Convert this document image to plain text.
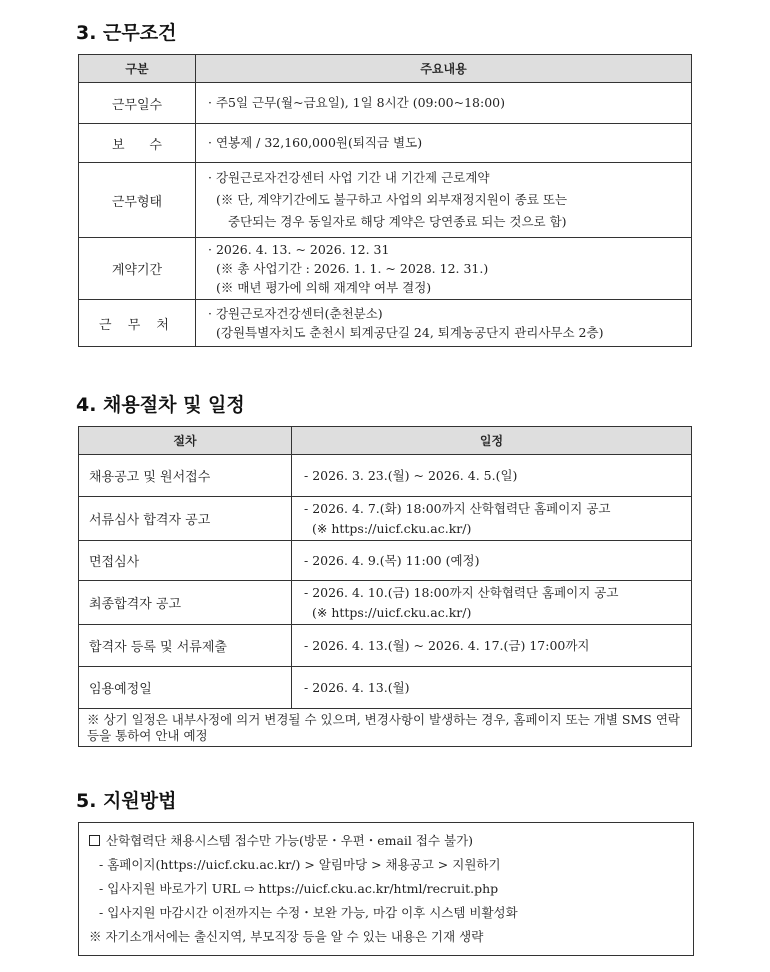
3. 근무조건
구분	주요내용
근무일수	· 주5일 근무(월~금요일), 1일 8시간 (09:00~18:00)

보      수	· 연봉제 / 32,160,000원(퇴직금 별도)

근무형태	· 강원근로자건강센터 사업 기간 내 기간제 근로계약
(※ 단, 계약기간에도 불구하고 사업의 외부재정지원이 종료 또는
중단되는 경우 동일자로 해당 계약은 당연종료 되는 것으로 함)

계약기간	· 2026. 4. 13. ~ 2026. 12. 31
(※ 총 사업기간 : 2026. 1. 1. ~ 2028. 12. 31.)
(※ 매년 평가에 의해 재계약 여부 결정)

근 무 처	· 강원근로자건강센터(춘천분소)
(강원특별자치도 춘천시 퇴계공단길 24, 퇴계농공단지 관리사무소 2층)
4. 채용절차 및 일정
절차	일정
채용공고 및 원서접수	- 2026. 3. 23.(월) ~ 2026. 4. 5.(일)

서류심사 합격자 공고	- 2026. 4. 7.(화) 18:00까지 산학협력단 홈페이지 공고
(※ https://uicf.cku.ac.kr/)

면접심사	- 2026. 4. 9.(목) 11:00 (예정)

최종합격자 공고	- 2026. 4. 10.(금) 18:00까지 산학협력단 홈페이지 공고
(※ https://uicf.cku.ac.kr/)

합격자 등록 및 서류제출	- 2026. 4. 13.(월) ~ 2026. 4. 17.(금) 17:00까지

임용예정일	- 2026. 4. 13.(월)

※ 상기 일정은 내부사정에 의거 변경될 수 있으며, 변경사항이 발생하는 경우, 홈페이지 또는 개별 SMS 연락 등을 통하여 안내 예정	
5. 지원방법
산학협력단 채용시스템 접수만 가능(방문・우편・email 접수 불가)
- 홈페이지(https://uicf.cku.ac.kr/) > 알림마당 > 채용공고 > 지원하기
- 입사지원 바로가기 URL ⇨ https://uicf.cku.ac.kr/html/recruit.php
- 입사지원 마감시간 이전까지는 수정・보완 가능, 마감 이후 시스템 비활성화
※ 자기소개서에는 출신지역, 부모직장 등을 알 수 있는 내용은 기재 생략
